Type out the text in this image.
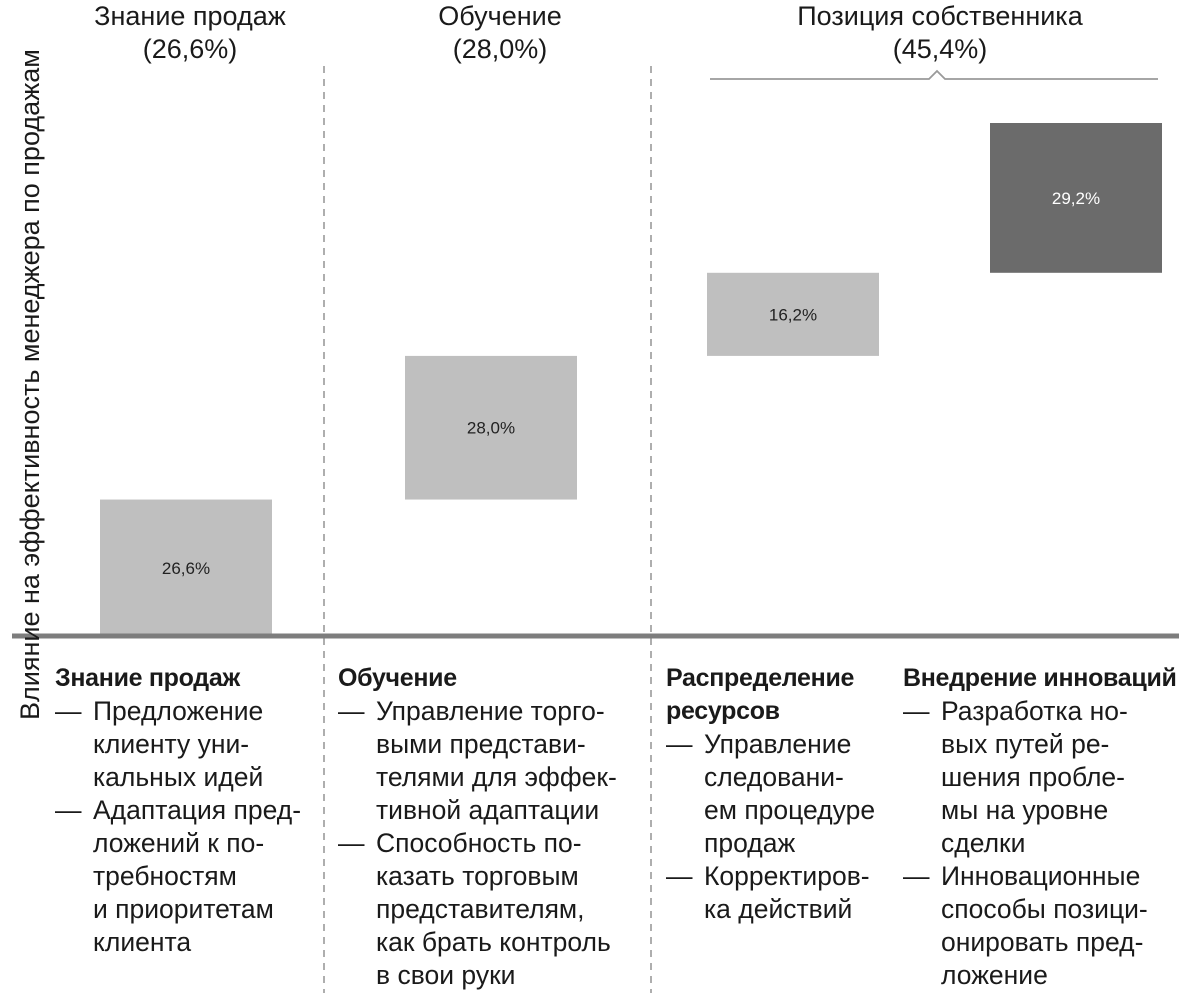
26,6%
28,0%
16,2%
29,2%
Влияние на эффективность менеджера по продажам
Знание продаж
(26,6%)
Обучение
(28,0%)
Позиция собственника
(45,4%)
Знание продаж
— Предложение
клиенту уни-
кальных идей
— Адаптация пред-
ложений к по-
требностям
и приоритетам
клиента
Обучение
— Управление торго-
выми представи-
телями для эффек-
тивной адаптации
— Способность по-
казать торговым
представителям,
как брать контроль
в свои руки
Распределение
ресурсов
— Управление
следовани-
ем процедуре
продаж
— Корректиров-
ка действий
Внедрение инноваций
— Разработка но-
вых путей ре-
шения пробле-
мы на уровне
сделки
— Инновационные
способы позици-
онировать пред-
ложение
